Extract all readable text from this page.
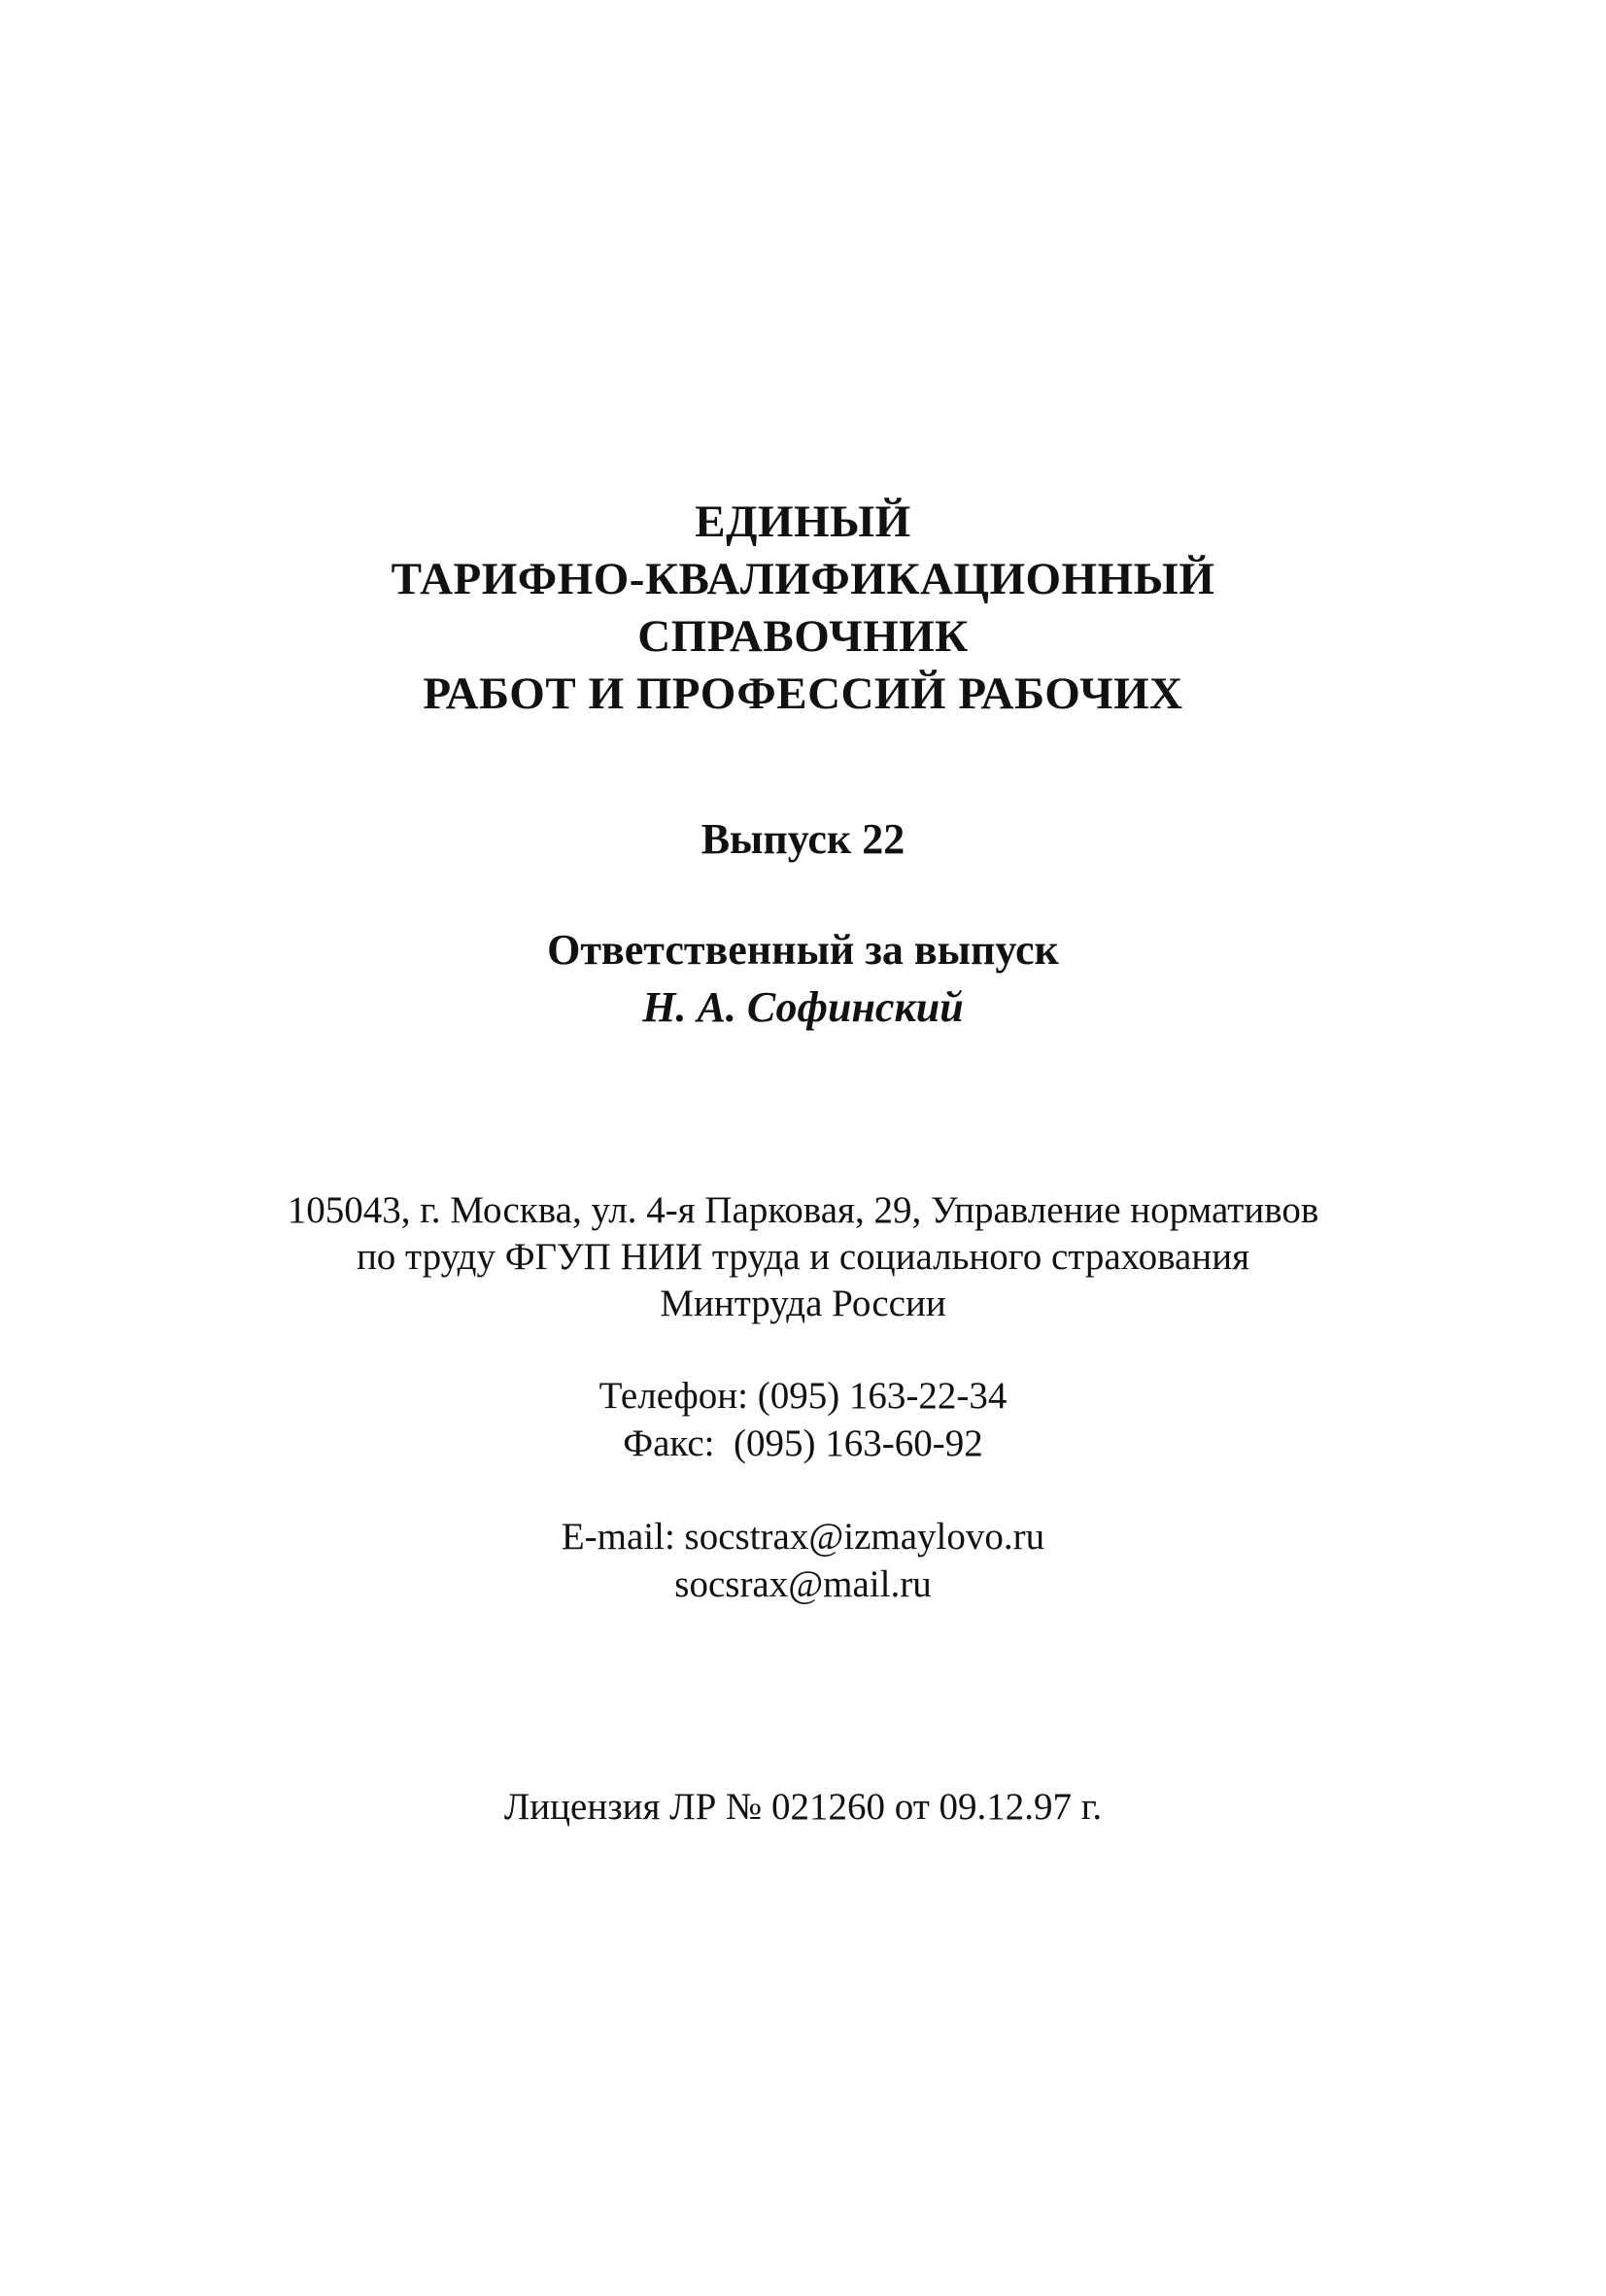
ЕДИНЫЙ
ТАРИФНО-КВАЛИФИКАЦИОННЫЙ
СПРАВОЧНИК
РАБОТ И ПРОФЕССИЙ РАБОЧИХ
Выпуск 22
Ответственный за выпуск
Н. А. Софинский
105043, г. Москва, ул. 4-я Парковая, 29, Управление нормативов
по труду ФГУП НИИ труда и социального страхования
Минтруда России
Телефон: (095) 163-22-34
Факс:  (095) 163-60-92
E-mail: socstrax@izmaylovo.ru
socsrax@mail.ru
Лицензия ЛР № 021260 от 09.12.97 г.
